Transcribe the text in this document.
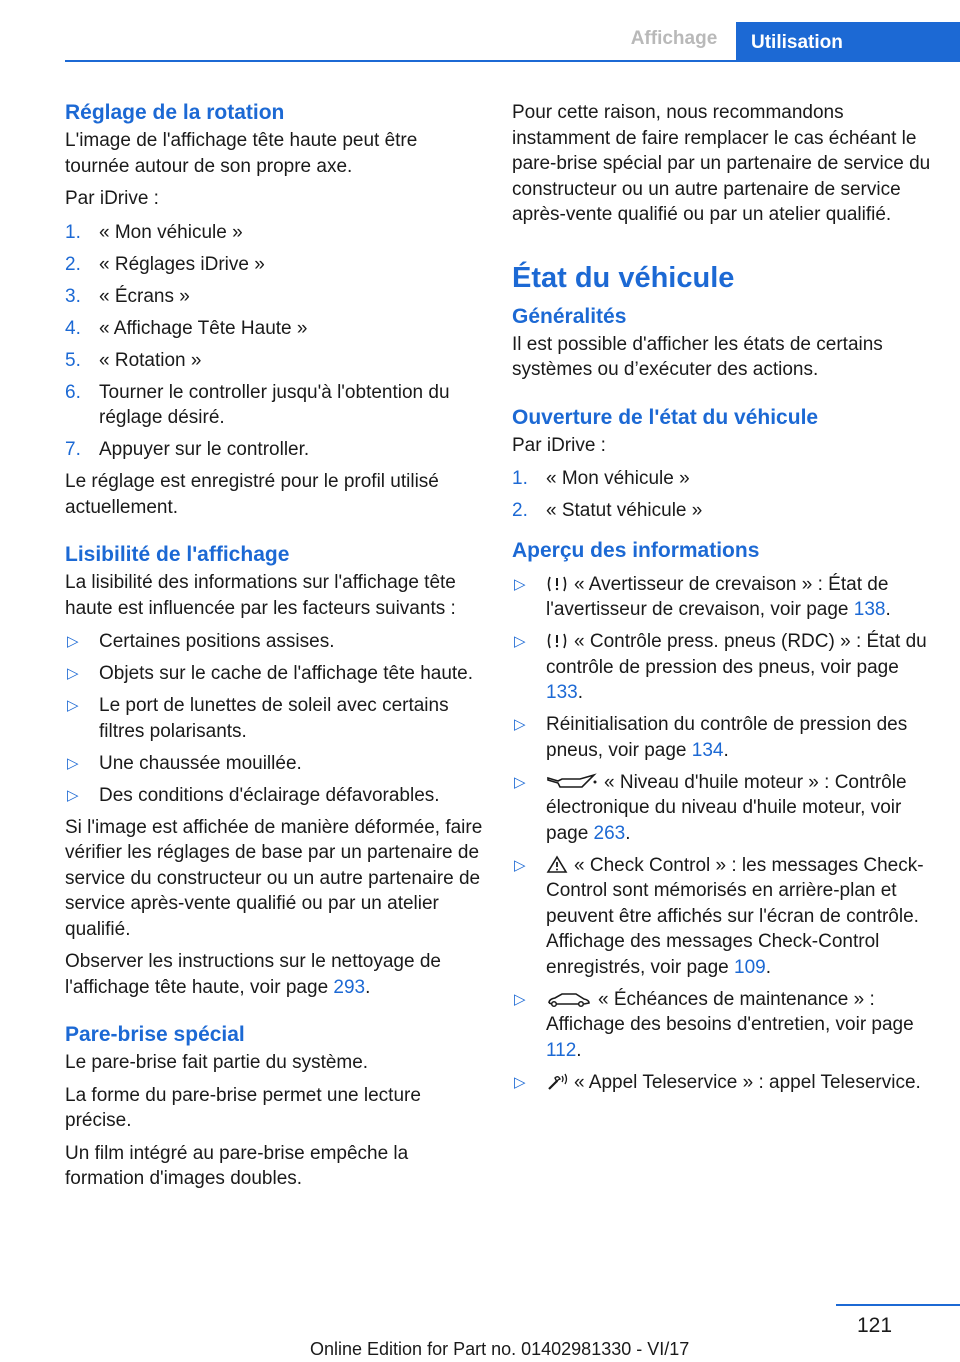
Affichage	Utilisation
Réglage de la rotation

L'image de l'affichage tête haute peut être tournée autour de son propre axe.

Par iDrive :

1. « Mon véhicule »
2. « Réglages iDrive »
3. « Écrans »
4. « Affichage Tête Haute »
5. « Rotation »
6. Tourner le controller jusqu'à l'obtention du réglage désiré.
7. Appuyer sur le controller.

Le réglage est enregistré pour le profil utilisé actuellement.

Lisibilité de l'affichage

La lisibilité des informations sur l'affichage tête haute est influencée par les facteurs suivants :

▷ Certaines positions assises.
▷ Objets sur le cache de l'affichage tête haute.
▷ Le port de lunettes de soleil avec certains filtres polarisants.
▷ Une chaussée mouillée.
▷ Des conditions d'éclairage défavorables.

Si l'image est affichée de manière déformée, faire vérifier les réglages de base par un partenaire de service du constructeur ou un autre partenaire de service après-vente qualifié ou par un atelier qualifié.

Observer les instructions sur le nettoyage de l'affichage tête haute, voir page 293.

Pare-brise spécial

Le pare-brise fait partie du système.

La forme du pare-brise permet une lecture précise.

Un film intégré au pare-brise empêche la formation d'images doubles.

Pour cette raison, nous recommandons instamment de faire remplacer le cas échéant le pare-brise spécial par un partenaire de service du constructeur ou un autre partenaire de service après-vente qualifié ou par un atelier qualifié.

État du véhicule
Généralités

Il est possible d'afficher les états de certains systèmes ou d’exécuter des actions.

Ouverture de l'état du véhicule

Par iDrive :

1. « Mon véhicule »
2. « Statut véhicule »
Aperçu des informations
▷	« Avertisseur de crevaison » : État de l'avertisseur de crevaison, voir page 138.
▷	« Contrôle press. pneus (RDC) » : État du contrôle de pression des pneus, voir page 133.
▷ Réinitialisation du contrôle de pression des pneus, voir page 134.
▷	« Niveau d'huile moteur » : Contrôle électronique du niveau d'huile moteur, voir page 263.
▷	« Check Control » : les messages Check-Control sont mémorisés en arrière-plan et peuvent être affichés sur l'écran de contrôle. Affichage des messages Check-Control enregistrés, voir page 109.
▷	« Échéances de maintenance » : Affichage des besoins d'entretien, voir page 112.
▷	« Appel Teleservice » : appel Teleservice.
121
Online Edition for Part no. 01402981330 - VI/17
